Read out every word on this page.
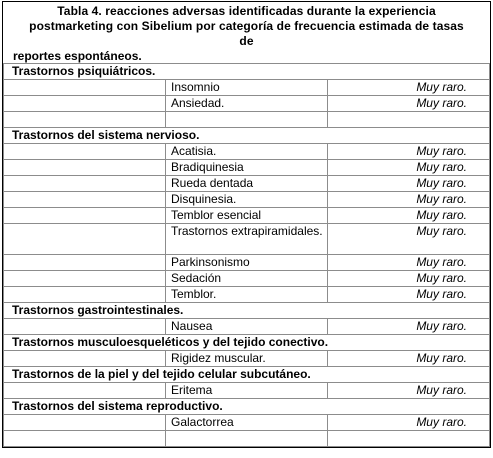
Tabla 4. reacciones adversas identificadas durante la experiencia postmarketing con Sibelium por categoría de frecuencia estimada de tasas de
reportes espontáneos.
Trastornos psiquiátricos.		
	Insomnio	Muy raro.
	Ansiedad.	Muy raro.

Trastornos del sistema nervioso.		
	Acatisia.	Muy raro.
	Bradiquinesia	Muy raro.
	Rueda dentada	Muy raro.
	Disquinesia.	Muy raro.
	Temblor esencial	Muy raro.
	Trastornos extrapiramidales.	Muy raro.
	Parkinsonismo	Muy raro.
	Sedación	Muy raro.
	Temblor.	Muy raro.
Trastornos gastrointestinales.		
	Nausea	Muy raro.
Trastornos musculoesqueléticos y del tejido conectivo.		
	Rigidez muscular.	Muy raro.
Trastornos de la piel y del tejido celular subcutáneo.		
	Eritema	Muy raro.
Trastornos del sistema reproductivo.		
	Galactorrea	Muy raro.
